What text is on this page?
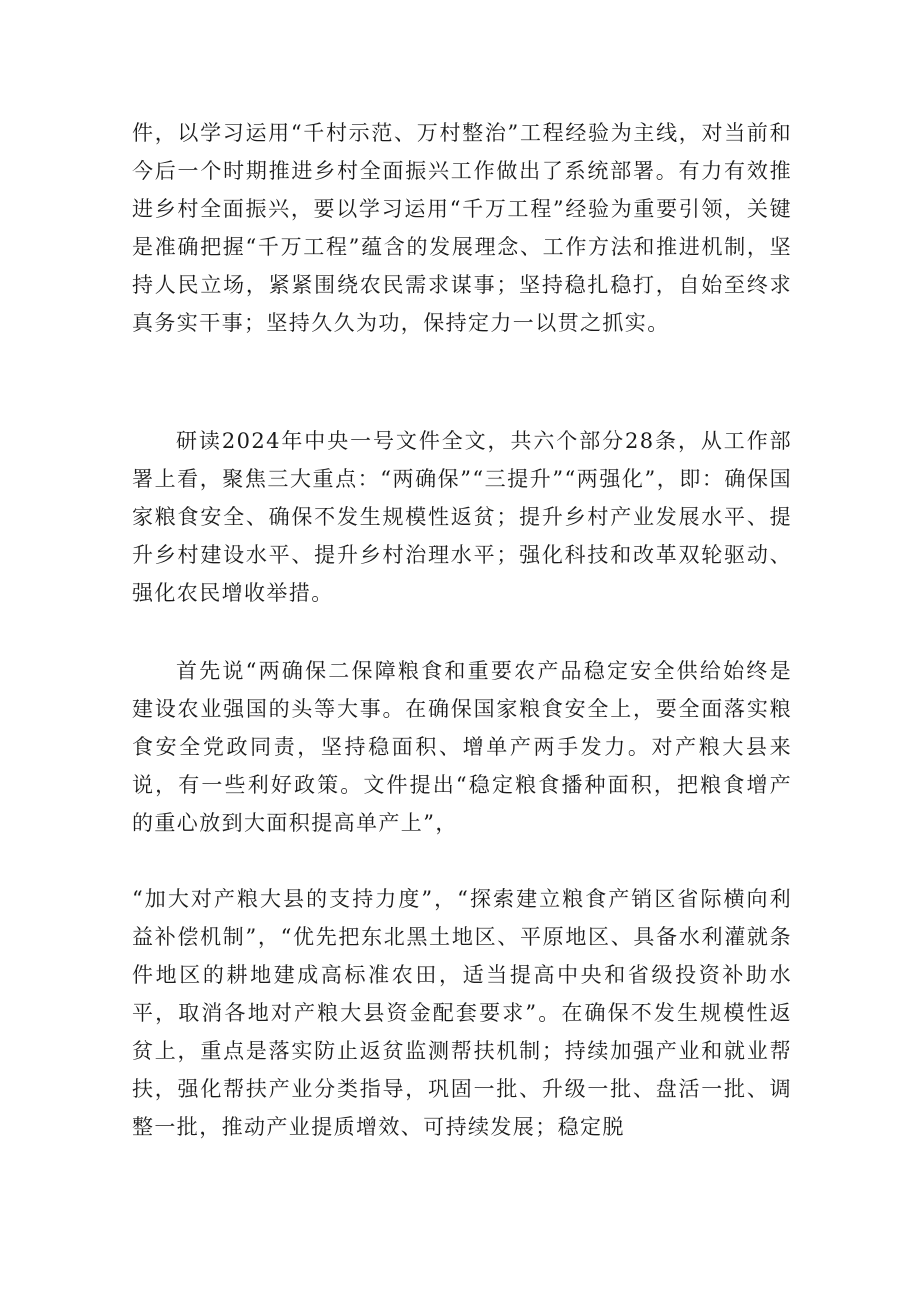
件，以学习运用“千村示范、万村整治”工程经验为主线，对当前和今后一个时期推进乡村全面振兴工作做出了系统部署。有力有效推进乡村全面振兴，要以学习运用“千万工程”经验为重要引领，关键是准确把握“千万工程”蕴含的发展理念、工作方法和推进机制，坚持人民立场，紧紧围绕农民需求谋事；坚持稳扎稳打，自始至终求真务实干事；坚持久久为功，保持定力一以贯之抓实。

研读2024年中央一号文件全文，共六个部分28条，从工作部署上看，聚焦三大重点：“两确保”“三提升”“两强化”，即：确保国家粮食安全、确保不发生规模性返贫；提升乡村产业发展水平、提升乡村建设水平、提升乡村治理水平；强化科技和改革双轮驱动、强化农民增收举措。

首先说“两确保二保障粮食和重要农产品稳定安全供给始终是建设农业强国的头等大事。在确保国家粮食安全上，要全面落实粮食安全党政同责，坚持稳面积、增单产两手发力。对产粮大县来说，有一些利好政策。文件提出“稳定粮食播种面积，把粮食增产的重心放到大面积提高单产上”，

“加大对产粮大县的支持力度”，“探索建立粮食产销区省际横向利益补偿机制”，“优先把东北黑土地区、平原地区、具备水利灌就条件地区的耕地建成高标准农田，适当提高中央和省级投资补助水平，取消各地对产粮大县资金配套要求”。在确保不发生规模性返贫上，重点是落实防止返贫监测帮扶机制；持续加强产业和就业帮扶，强化帮扶产业分类指导，巩固一批、升级一批、盘活一批、调整一批，推动产业提质增效、可持续发展；稳定脱
